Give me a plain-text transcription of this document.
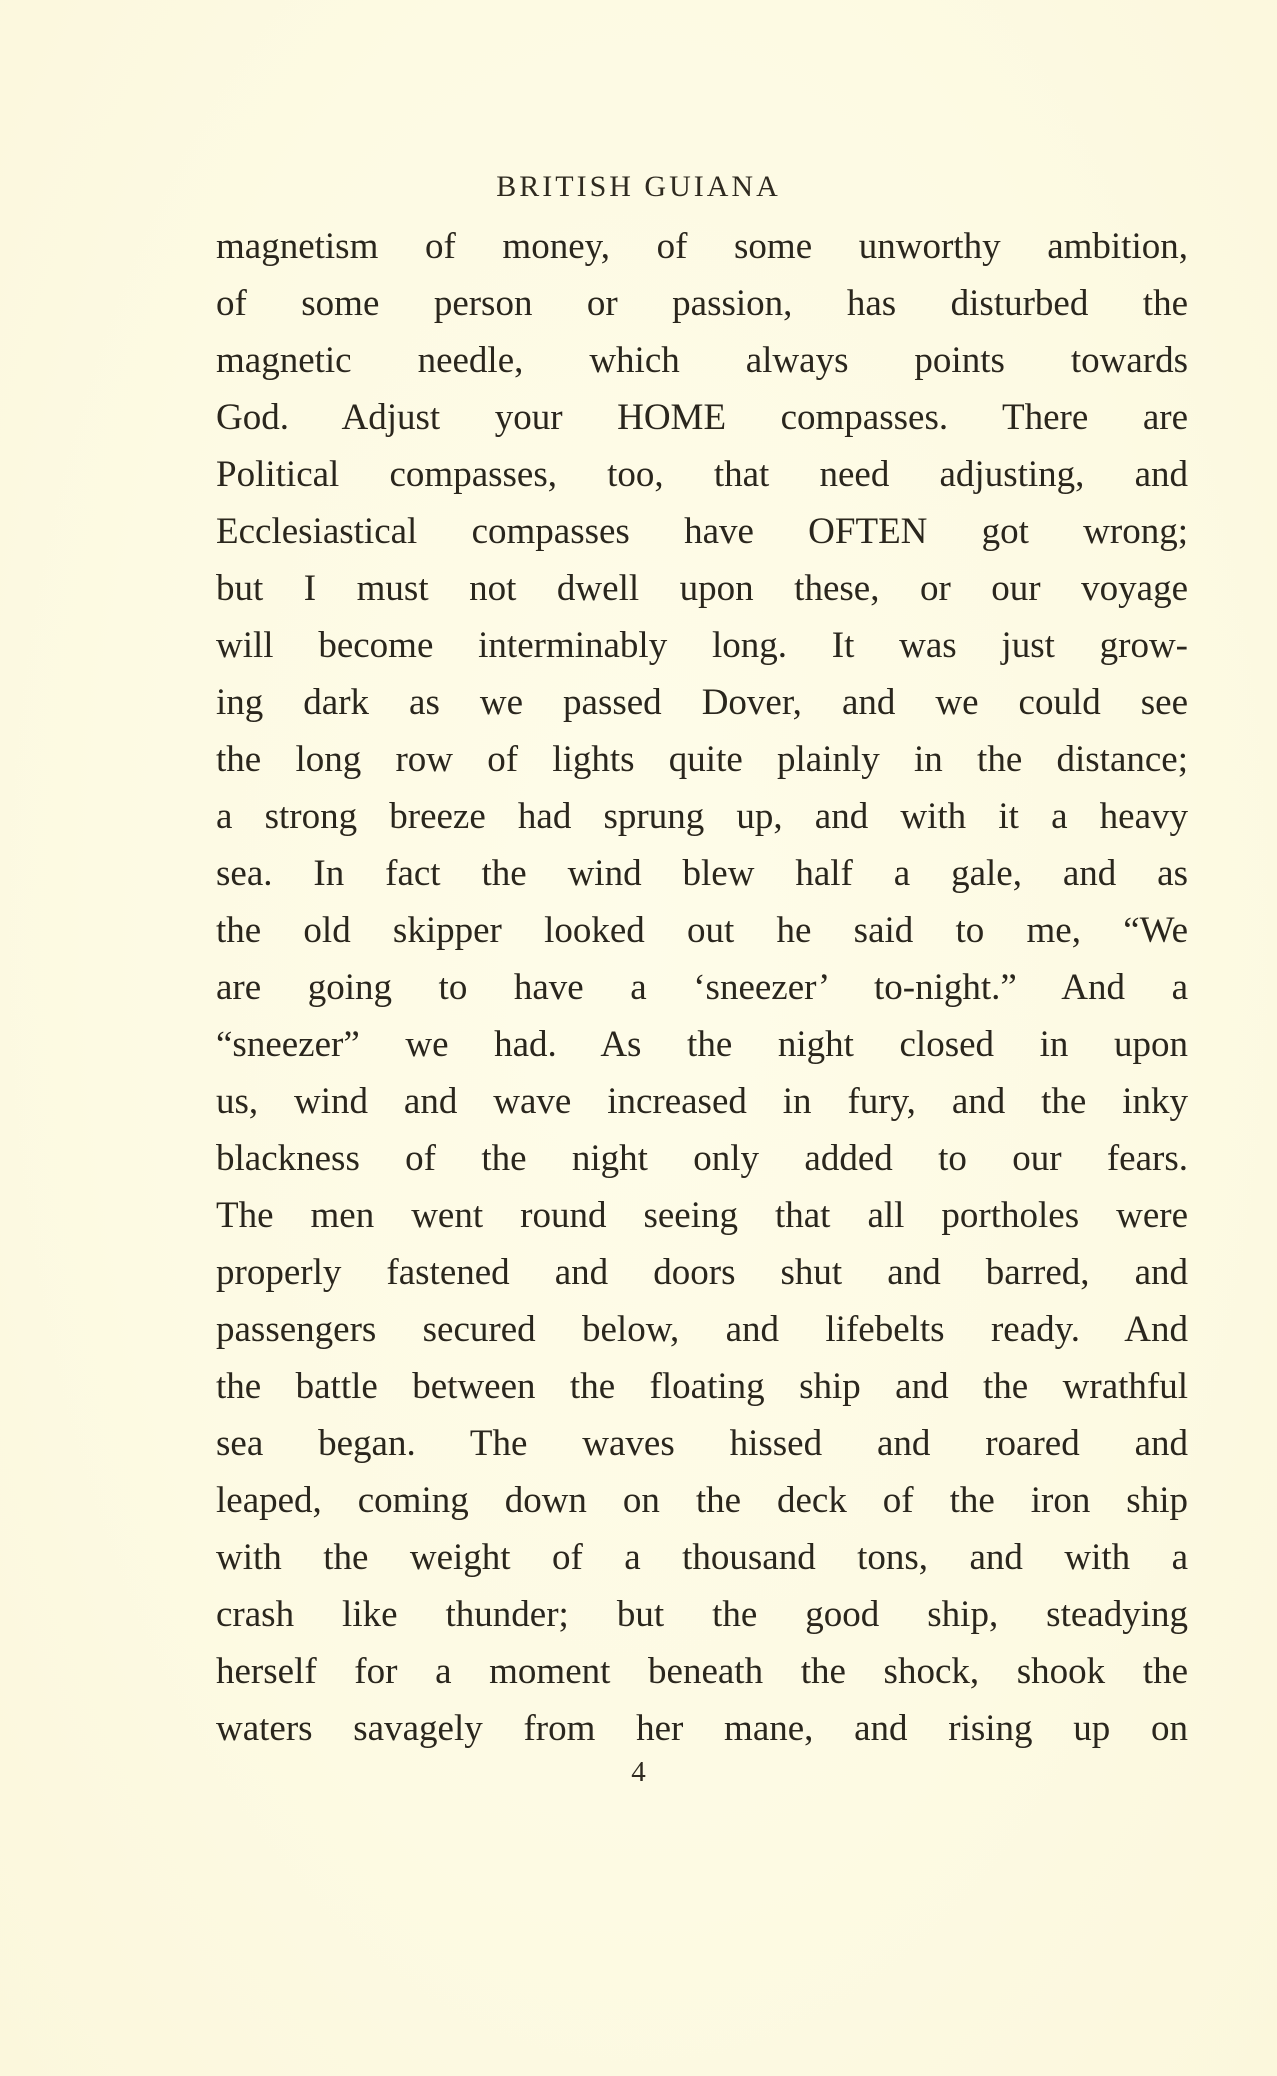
BRITISH GUIANA
magnetism of money, of some unworthy ambition,
of some person or passion, has disturbed the
magnetic needle, which always points towards
God. Adjust your HOME compasses. There are
Political compasses, too, that need adjusting, and
Ecclesiastical compasses have OFTEN got wrong;
but I must not dwell upon these, or our voyage
will become interminably long. It was just grow-
ing dark as we passed Dover, and we could see
the long row of lights quite plainly in the distance;
a strong breeze had sprung up, and with it a heavy
sea. In fact the wind blew half a gale, and as
the old skipper looked out he said to me, “We
are going to have a ‘sneezer’ to-night.” And a
“sneezer” we had. As the night closed in upon
us, wind and wave increased in fury, and the inky
blackness of the night only added to our fears.
The men went round seeing that all portholes were
properly fastened and doors shut and barred, and
passengers secured below, and lifebelts ready. And
the battle between the floating ship and the wrathful
sea began. The waves hissed and roared and
leaped, coming down on the deck of the iron ship
with the weight of a thousand tons, and with a
crash like thunder; but the good ship, steadying
herself for a moment beneath the shock, shook the
waters savagely from her mane, and rising up on
4
